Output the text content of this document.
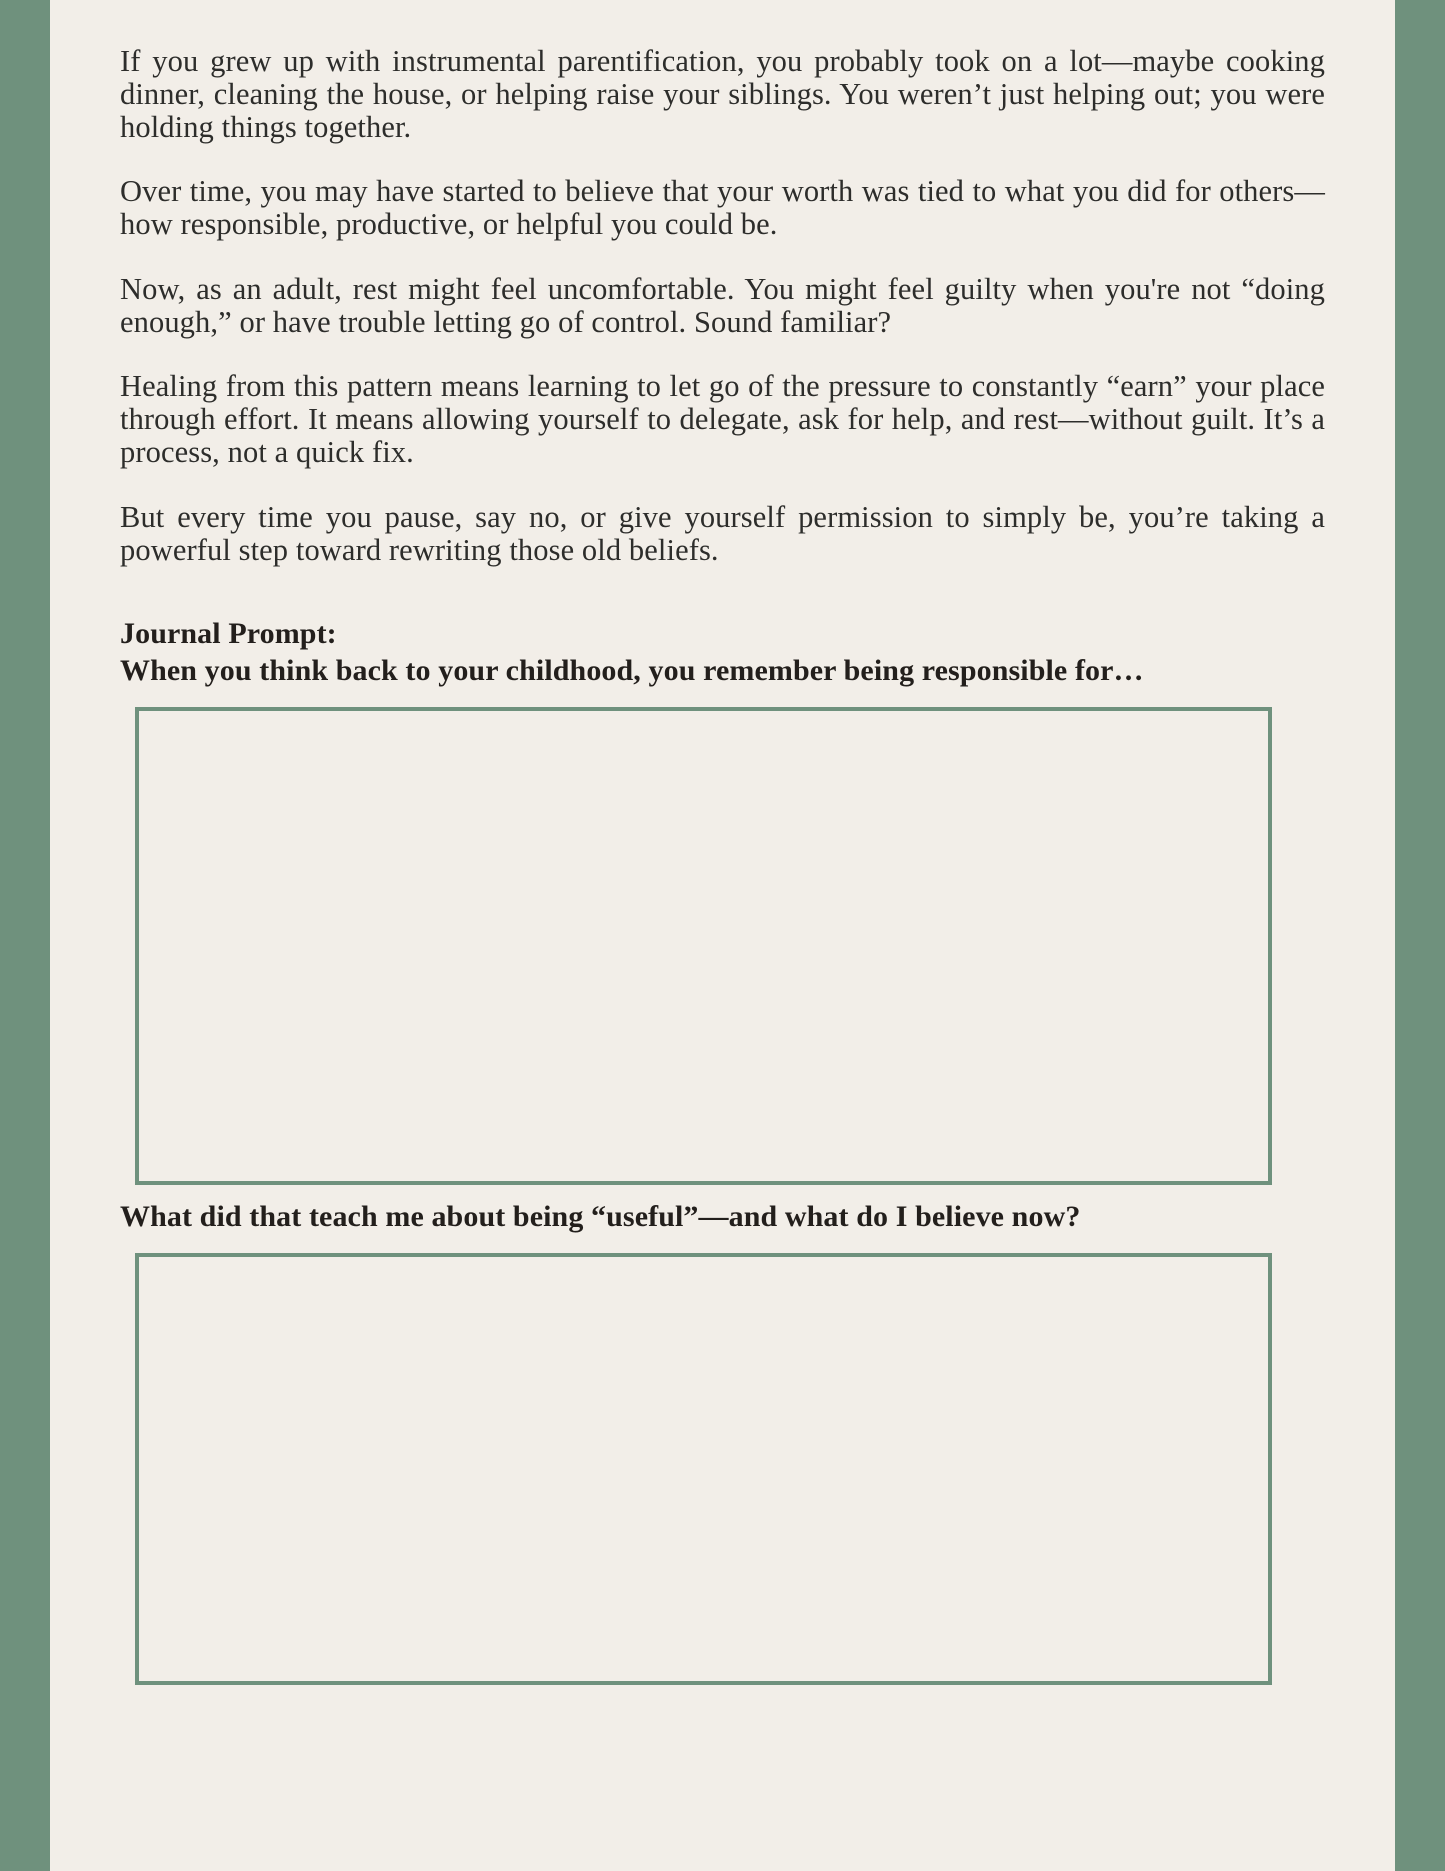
If you grew up with instrumental parentification, you probably took on a lot—maybe cooking dinner, cleaning the house, or helping raise your siblings. You weren’t just helping out; you were holding things together.

Over time, you may have started to believe that your worth was tied to what you did for others—how responsible, productive, or helpful you could be.

Now, as an adult, rest might feel uncomfortable. You might feel guilty when you're not “doing enough,” or have trouble letting go of control. Sound familiar?

Healing from this pattern means learning to let go of the pressure to constantly “earn” your place through effort. It means allowing yourself to delegate, ask for help, and rest—without guilt. It’s a process, not a quick fix.

But every time you pause, say no, or give yourself permission to simply be, you’re taking a powerful step toward rewriting those old beliefs.

Journal Prompt:
When you think back to your childhood, you remember being responsible for…
What did that teach me about being “useful”—and what do I believe now?
